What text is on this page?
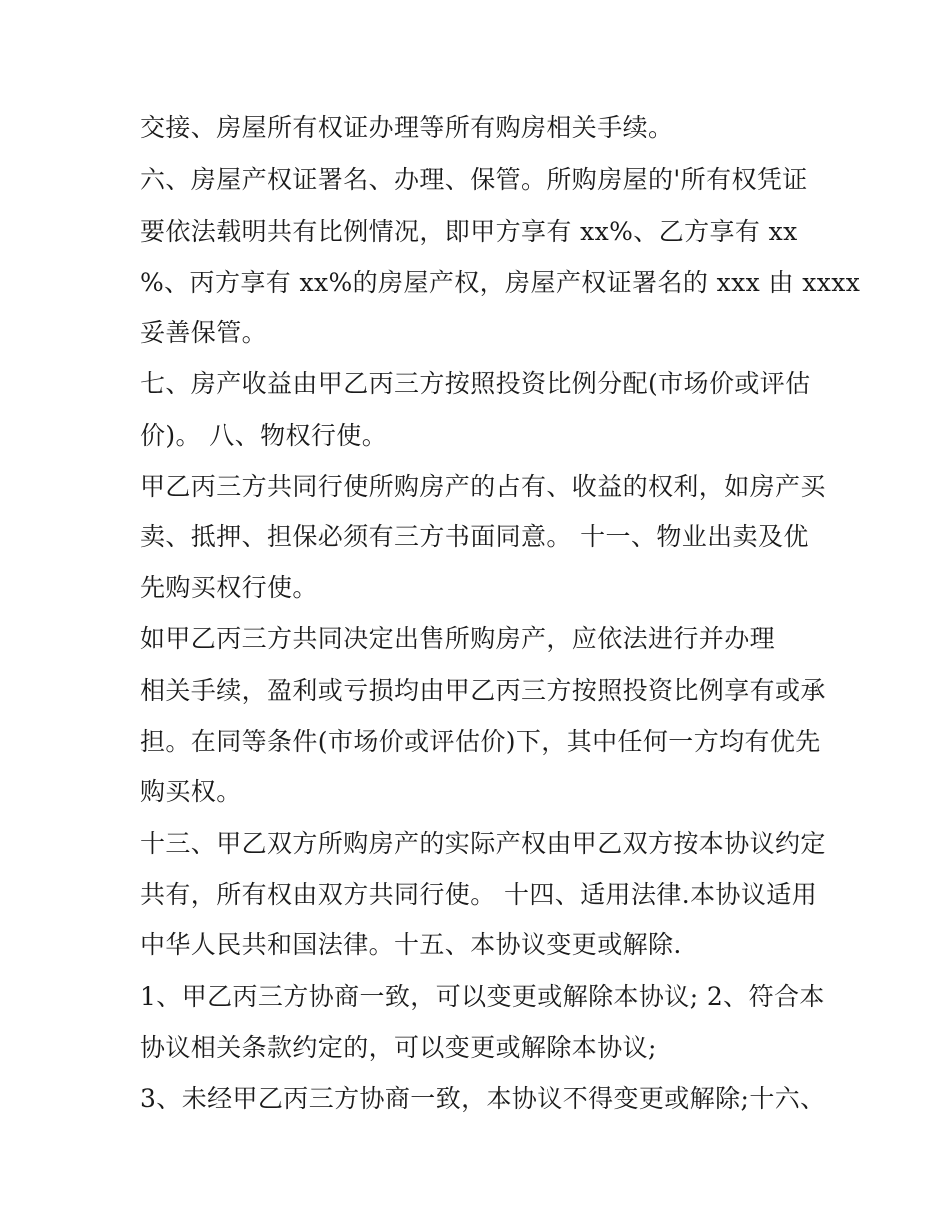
交接、房屋所有权证办理等所有购房相关手续。

六、房屋产权证署名、办理、保管。所购房屋的'所有权凭证

要依法载明共有比例情况，即甲方享有 xx%、乙方享有 xx

%、丙方享有 xx%的房屋产权，房屋产权证署名的 xxx 由 xxxx

妥善保管。

七、房产收益由甲乙丙三方按照投资比例分配(市场价或评估

价)。 八、物权行使。

甲乙丙三方共同行使所购房产的占有、收益的权利，如房产买

卖、抵押、担保必须有三方书面同意。 十一、物业出卖及优

先购买权行使。

如甲乙丙三方共同决定出售所购房产，应依法进行并办理

相关手续，盈利或亏损均由甲乙丙三方按照投资比例享有或承

担。在同等条件(市场价或评估价)下，其中任何一方均有优先

购买权。

十三、甲乙双方所购房产的实际产权由甲乙双方按本协议约定

共有，所有权由双方共同行使。 十四、适用法律.本协议适用

中华人民共和国法律。十五、本协议变更或解除.

1、甲乙丙三方协商一致，可以变更或解除本协议; 2、符合本

协议相关条款约定的，可以变更或解除本协议;

3、未经甲乙丙三方协商一致，本协议不得变更或解除;十六、
